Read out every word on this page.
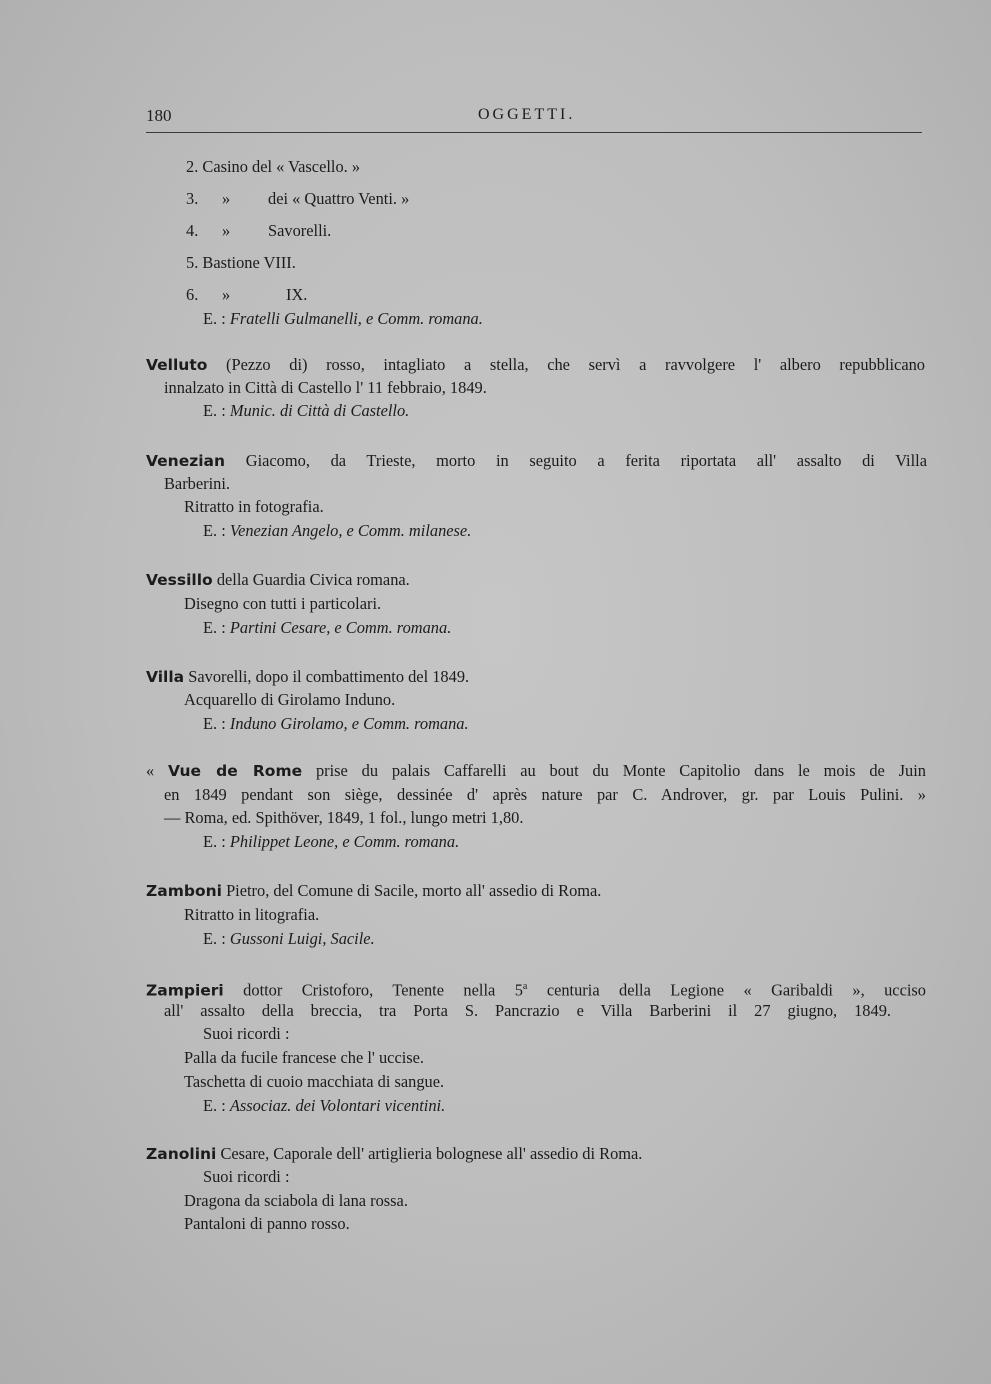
180	OGGETTI.
2. Casino del « Vascello. »
3. » dei « Quattro Venti. »
4. » Savorelli.
5. Bastione VIII.
6. »	IX.
E. : Fratelli Gulmanelli, e Comm. romana.
Velluto (Pezzo di) rosso, intagliato a stella, che servì a ravvolgere l' albero repubblicano
innalzato in Città di Castello l' 11 febbraio, 1849.
E. : Munic. di Città di Castello.
Venezian Giacomo, da Trieste, morto in seguito a ferita riportata all' assalto di Villa
Barberini.
Ritratto in fotografia.
E. : Venezian Angelo, e Comm. milanese.
Vessillo della Guardia Civica romana.
Disegno con tutti i particolari.
E. : Partini Cesare, e Comm. romana.
Villa Savorelli, dopo il combattimento del 1849.
Acquarello di Girolamo Induno.
E. : Induno Girolamo, e Comm. romana.
« Vue de Rome prise du palais Caffarelli au bout du Monte Capitolio dans le mois de Juin
en 1849 pendant son siège, dessinée d' après nature par C. Androver, gr. par Louis Pulini. »
— Roma, ed. Spithöver, 1849, 1 fol., lungo metri 1,80.
E. : Philippet Leone, e Comm. romana.
Zamboni Pietro, del Comune di Sacile, morto all' assedio di Roma.
Ritratto in litografia.
E. : Gussoni Luigi, Sacile.
Zampieri dottor Cristoforo, Tenente nella 5$^a$ centuria della Legione « Garibaldi », ucciso
all' assalto della breccia, tra Porta S. Pancrazio e Villa Barberini il 27 giugno, 1849.
Suoi ricordi :
Palla da fucile francese che l' uccise.
Taschetta di cuoio macchiata di sangue.
E. : Associaz. dei Volontari vicentini.
Zanolini Cesare, Caporale dell' artiglieria bolognese all' assedio di Roma.
Suoi ricordi :
Dragona da sciabola di lana rossa.
Pantaloni di panno rosso.
